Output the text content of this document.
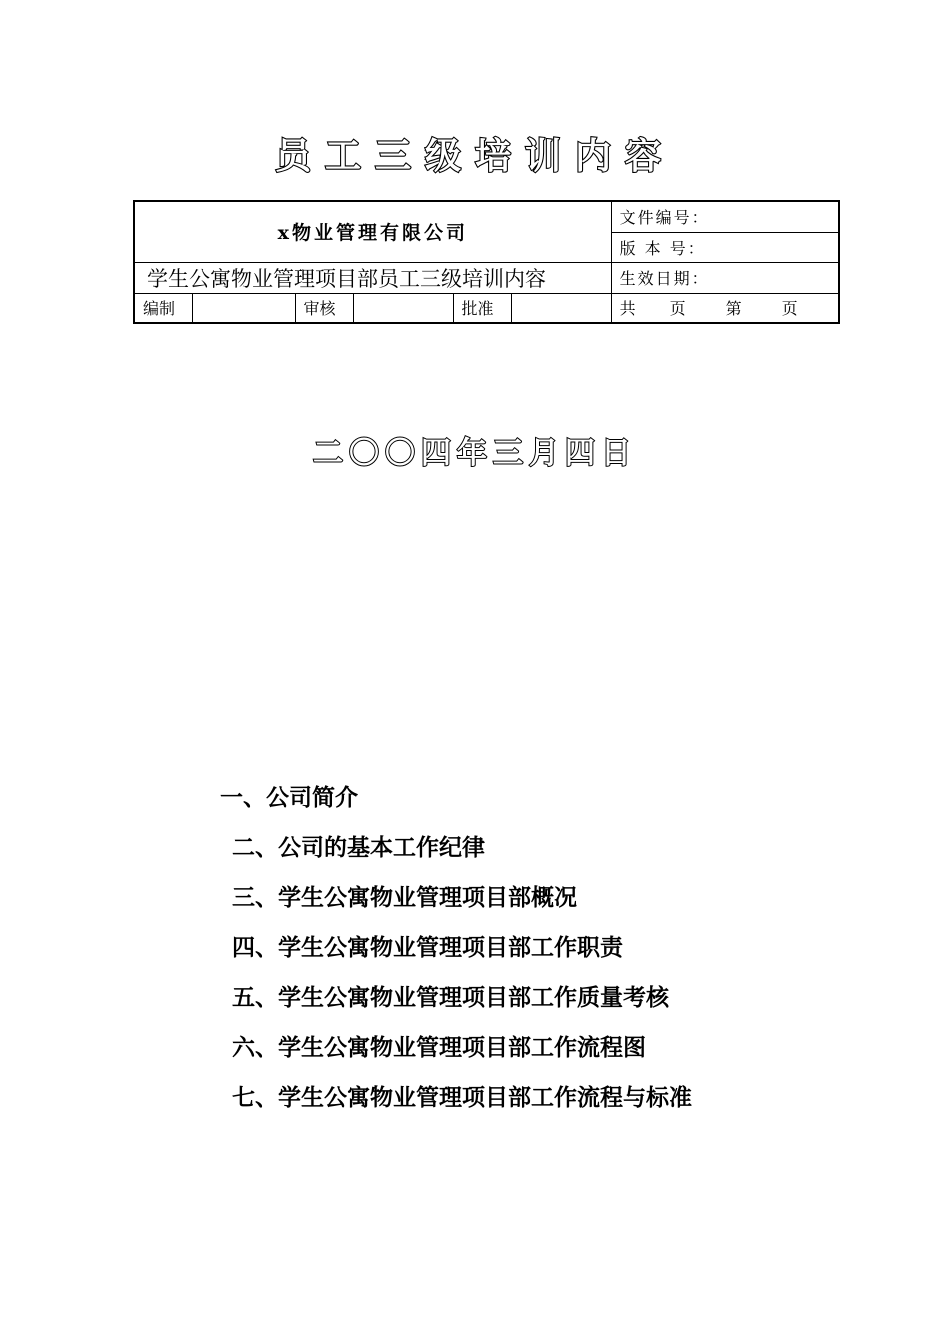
员工三级培训内容
x物业管理有限公司						文件编号：
						版 本 号：
学生公寓物业管理项目部员工三级培训内容						生效日期：
编制		审核		批准		共 页 第 页
二〇〇四年三月四日
一、公司简介
二、公司的基本工作纪律
三、学生公寓物业管理项目部概况
四、学生公寓物业管理项目部工作职责
五、学生公寓物业管理项目部工作质量考核
六、学生公寓物业管理项目部工作流程图
七、学生公寓物业管理项目部工作流程与标准
